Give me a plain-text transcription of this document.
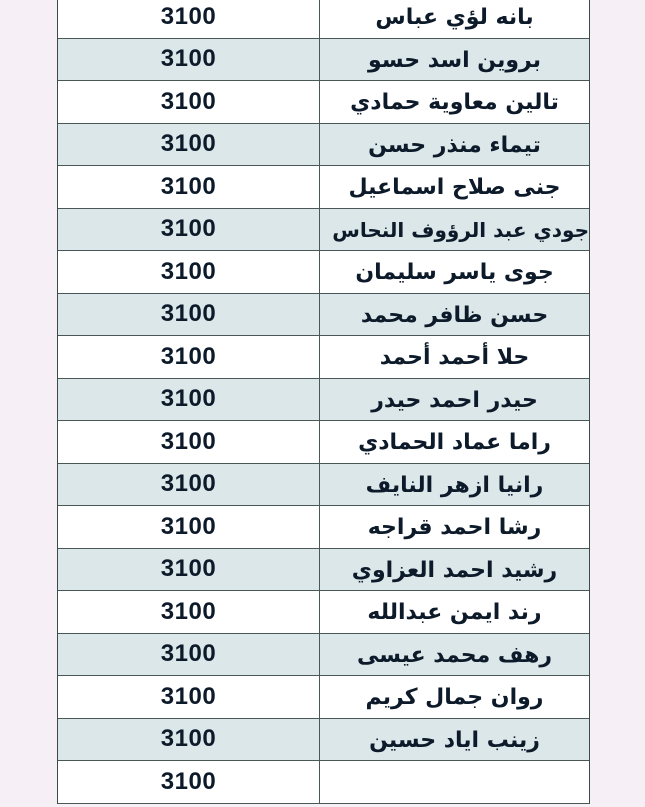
3100	بانه لؤي عباس
3100	بروين اسد حسو
3100	تالين معاوية حمادي
3100	تيماء منذر حسن
3100	جنى صلاح اسماعيل
3100	جودي عبد الرؤوف النحاس
3100	جوى ياسر سليمان
3100	حسن ظافر محمد
3100	حلا أحمد أحمد
3100	حيدر احمد حيدر
3100	راما عماد الحمادي
3100	رانيا ازهر النايف
3100	رشا احمد قراجه
3100	رشيد احمد العزاوي
3100	رند ايمن عبدالله
3100	رهف محمد عيسى
3100	روان جمال كريم
3100	زينب اياد حسين
3100
